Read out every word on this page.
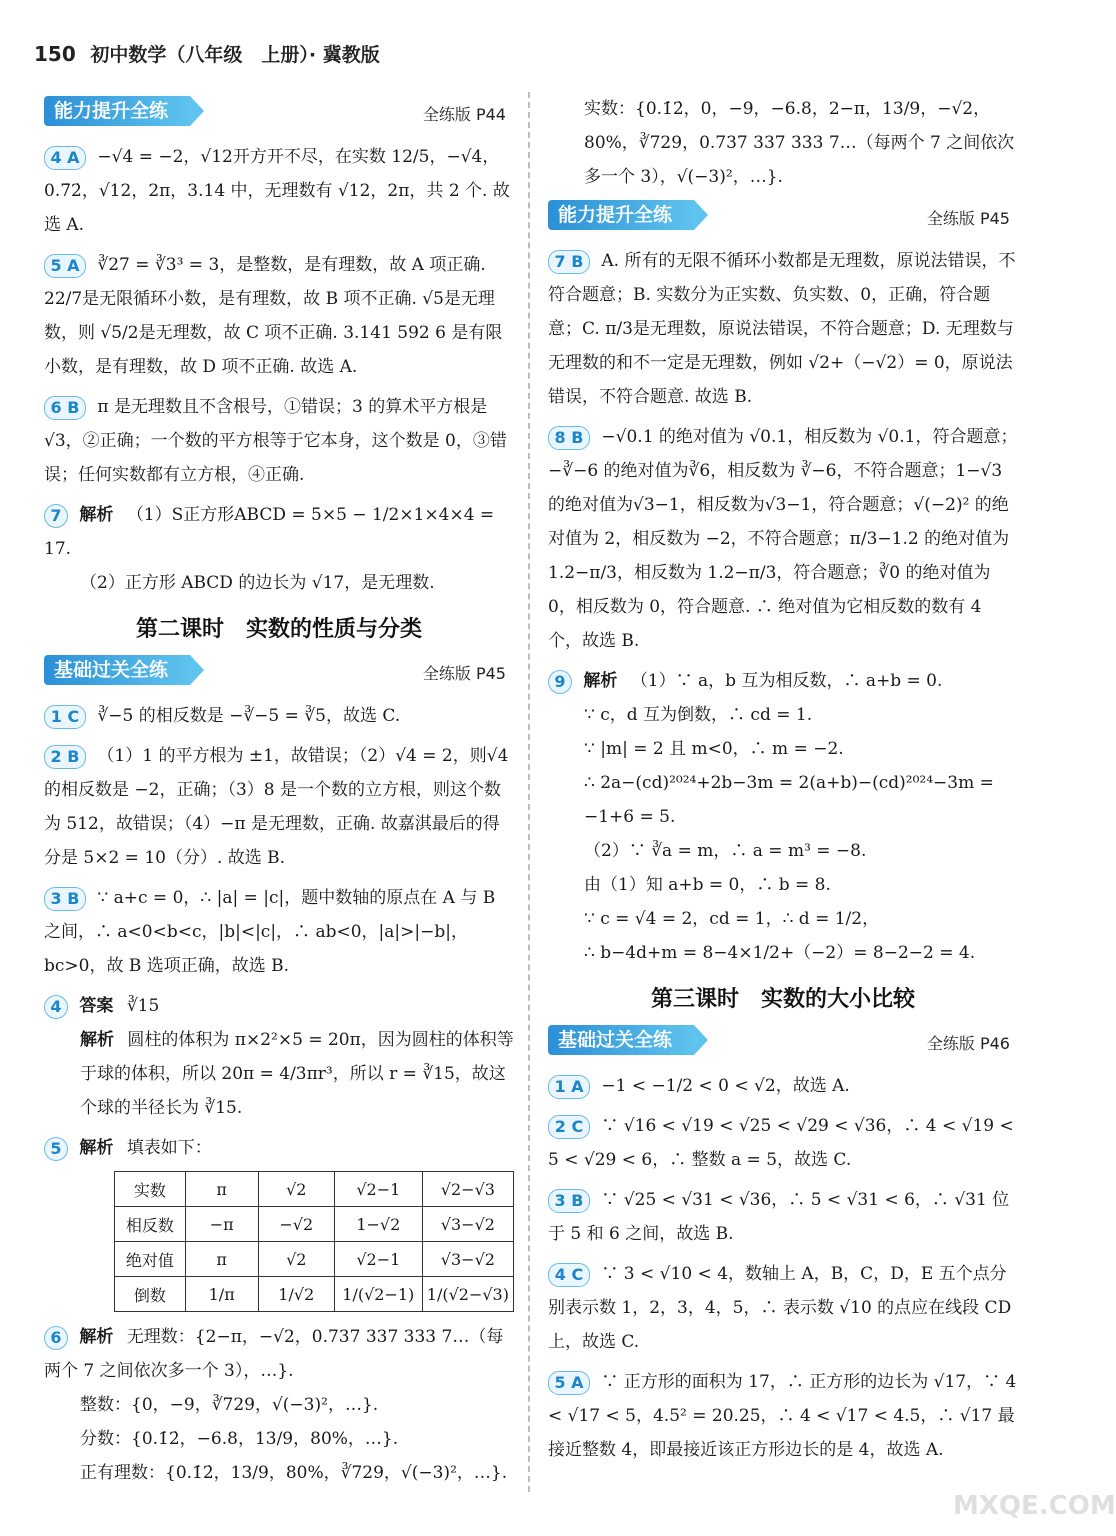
150 初中数学（八年级　上册）· 冀教版
能力提升全练	全练版 P44
4 A −√4 = −2，√12开方开不尽，在实数 12/5，−√4，0.7̇2̇，√12，2π，3.14 中，无理数有 √12，2π，共 2 个. 故选 A.
5 A ∛27 = ∛3³ = 3，是整数，是有理数，故 A 项正确. 22/7是无限循环小数，是有理数，故 B 项不正确. √5是无理数，则 √5/2是无理数，故 C 项不正确. 3.141 592 6 是有限小数，是有理数，故 D 项不正确. 故选 A.
6 B π 是无理数且不含根号，①错误；3 的算术平方根是√3，②正确；一个数的平方根等于它本身，这个数是 0，③错误；任何实数都有立方根，④正确.
7 解析 （1）S正方形ABCD = 5×5 − 1/2×1×4×4 = 17.
（2）正方形 ABCD 的边长为 √17，是无理数.
第二课时　实数的性质与分类
基础过关全练	全练版 P45
1 C ∛−5 的相反数是 −∛−5 = ∛5，故选 C.
2 B （1）1 的平方根为 ±1，故错误；（2）√4 = 2，则√4的相反数是 −2，正确；（3）8 是一个数的立方根，则这个数为 512，故错误；（4）−π 是无理数，正确. 故嘉淇最后的得分是 5×2 = 10（分）. 故选 B.
3 B ∵ a+c = 0，∴ |a| = |c|，题中数轴的原点在 A 与 B 之间，∴ a<0<b<c，|b|<|c|，∴ ab<0，|a|>|−b|，bc>0，故 B 选项正确，故选 B.
4 答案 ∛15
解析 圆柱的体积为 π×2²×5 = 20π，因为圆柱的体积等于球的体积，所以 20π = 4/3πr³，所以 r = ∛15，故这个球的半径长为 ∛15.
5 解析 填表如下：
实数	π	√2	√2−1	√2−√3
相反数	−π	−√2	1−√2	√3−√2
绝对值	π	√2	√2−1	√3−√2
倒数	1/π	1/√2	1/(√2−1)	1/(√2−√3)
6 解析 无理数：{2−π，−√2，0.737 337 333 7…（每两个 7 之间依次多一个 3），…}.
整数：{0，−9，∛729，√(−3)²，…}.
分数：{0.1̇2̇，−6.8，13/9，80%，…}.
正有理数：{0.1̇2̇，13/9，80%，∛729，√(−3)²，…}.
实数：{0.1̇2̇，0，−9，−6.8，2−π，13/9，−√2，80%，∛729，0.737 337 333 7…（每两个 7 之间依次多一个 3），√(−3)²，…}.
能力提升全练	全练版 P45
7 B A. 所有的无限不循环小数都是无理数，原说法错误，不符合题意；B. 实数分为正实数、负实数、0，正确，符合题意；C. π/3是无理数，原说法错误，不符合题意；D. 无理数与无理数的和不一定是无理数，例如 √2+（−√2）= 0，原说法错误，不符合题意. 故选 B.
8 B −√0.1 的绝对值为 √0.1，相反数为 √0.1，符合题意；−∛−6 的绝对值为∛6，相反数为 ∛−6，不符合题意；1−√3 的绝对值为√3−1，相反数为√3−1，符合题意；√(−2)² 的绝对值为 2，相反数为 −2，不符合题意；π/3−1.2 的绝对值为 1.2−π/3，相反数为 1.2−π/3，符合题意；∛0 的绝对值为 0，相反数为 0，符合题意. ∴ 绝对值为它相反数的数有 4 个，故选 B.
9 解析 （1）∵ a，b 互为相反数，∴ a+b = 0.
∵ c，d 互为倒数，∴ cd = 1.
∵ |m| = 2 且 m<0，∴ m = −2.
∴ 2a−(cd)²⁰²⁴+2b−3m = 2(a+b)−(cd)²⁰²⁴−3m = −1+6 = 5.
（2）∵ ∛a = m，∴ a = m³ = −8.
由（1）知 a+b = 0，∴ b = 8.
∵ c = √4 = 2，cd = 1，∴ d = 1/2，
∴ b−4d+m = 8−4×1/2+（−2）= 8−2−2 = 4.
第三课时　实数的大小比较
基础过关全练	全练版 P46
1 A −1 < −1/2 < 0 < √2，故选 A.
2 C ∵ √16 < √19 < √25 < √29 < √36，∴ 4 < √19 < 5 < √29 < 6，∴ 整数 a = 5，故选 C.
3 B ∵ √25 < √31 < √36，∴ 5 < √31 < 6，∴ √31 位于 5 和 6 之间，故选 B.
4 C ∵ 3 < √10 < 4，数轴上 A，B，C，D，E 五个点分别表示数 1，2，3，4，5，∴ 表示数 √10 的点应在线段 CD 上，故选 C.
5 A ∵ 正方形的面积为 17，∴ 正方形的边长为 √17，∵ 4 < √17 < 5，4.5² = 20.25，∴ 4 < √17 < 4.5，∴ √17 最接近整数 4，即最接近该正方形边长的是 4，故选 A.
MXQE.COM
